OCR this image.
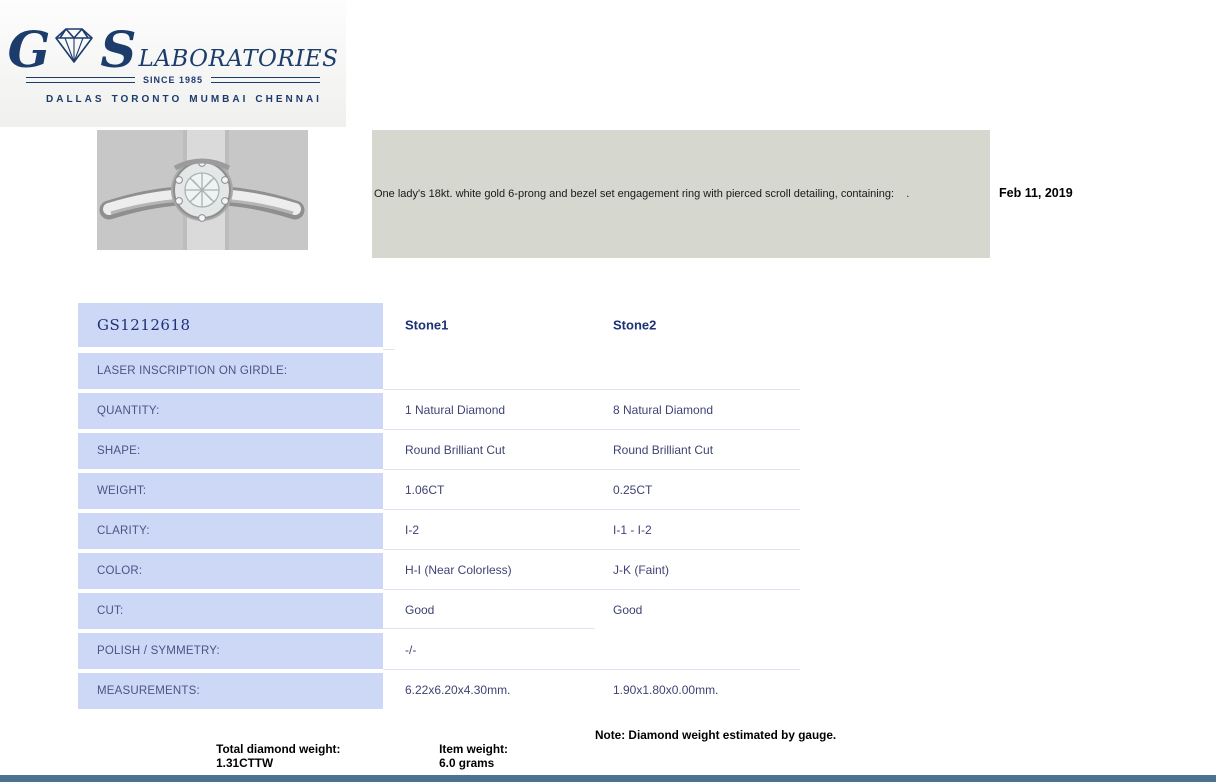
G S LABORATORIES
SINCE 1985
DALLAS TORONTO MUMBAI CHENNAI
One lady's 18kt. white gold 6-prong and bezel set engagement ring with pierced scroll detailing, containing:    .	Feb 11, 2019
GS1212618	Stone1	Stone2
LASER INSCRIPTION ON GIRDLE:
QUANTITY:	1 Natural Diamond	8 Natural Diamond
SHAPE:	Round Brilliant Cut	Round Brilliant Cut
WEIGHT:	1.06CT	0.25CT
CLARITY:	I-2	I-1 - I-2
COLOR:	H-I (Near Colorless)	J-K (Faint)
CUT:	Good	Good
POLISH / SYMMETRY:	-/-
MEASUREMENTS:	6.22x6.20x4.30mm.	1.90x1.80x0.00mm.

Total diamond weight:
1.31CTTW

Item weight:
6.0 grams

Note: Diamond weight estimated by gauge.
